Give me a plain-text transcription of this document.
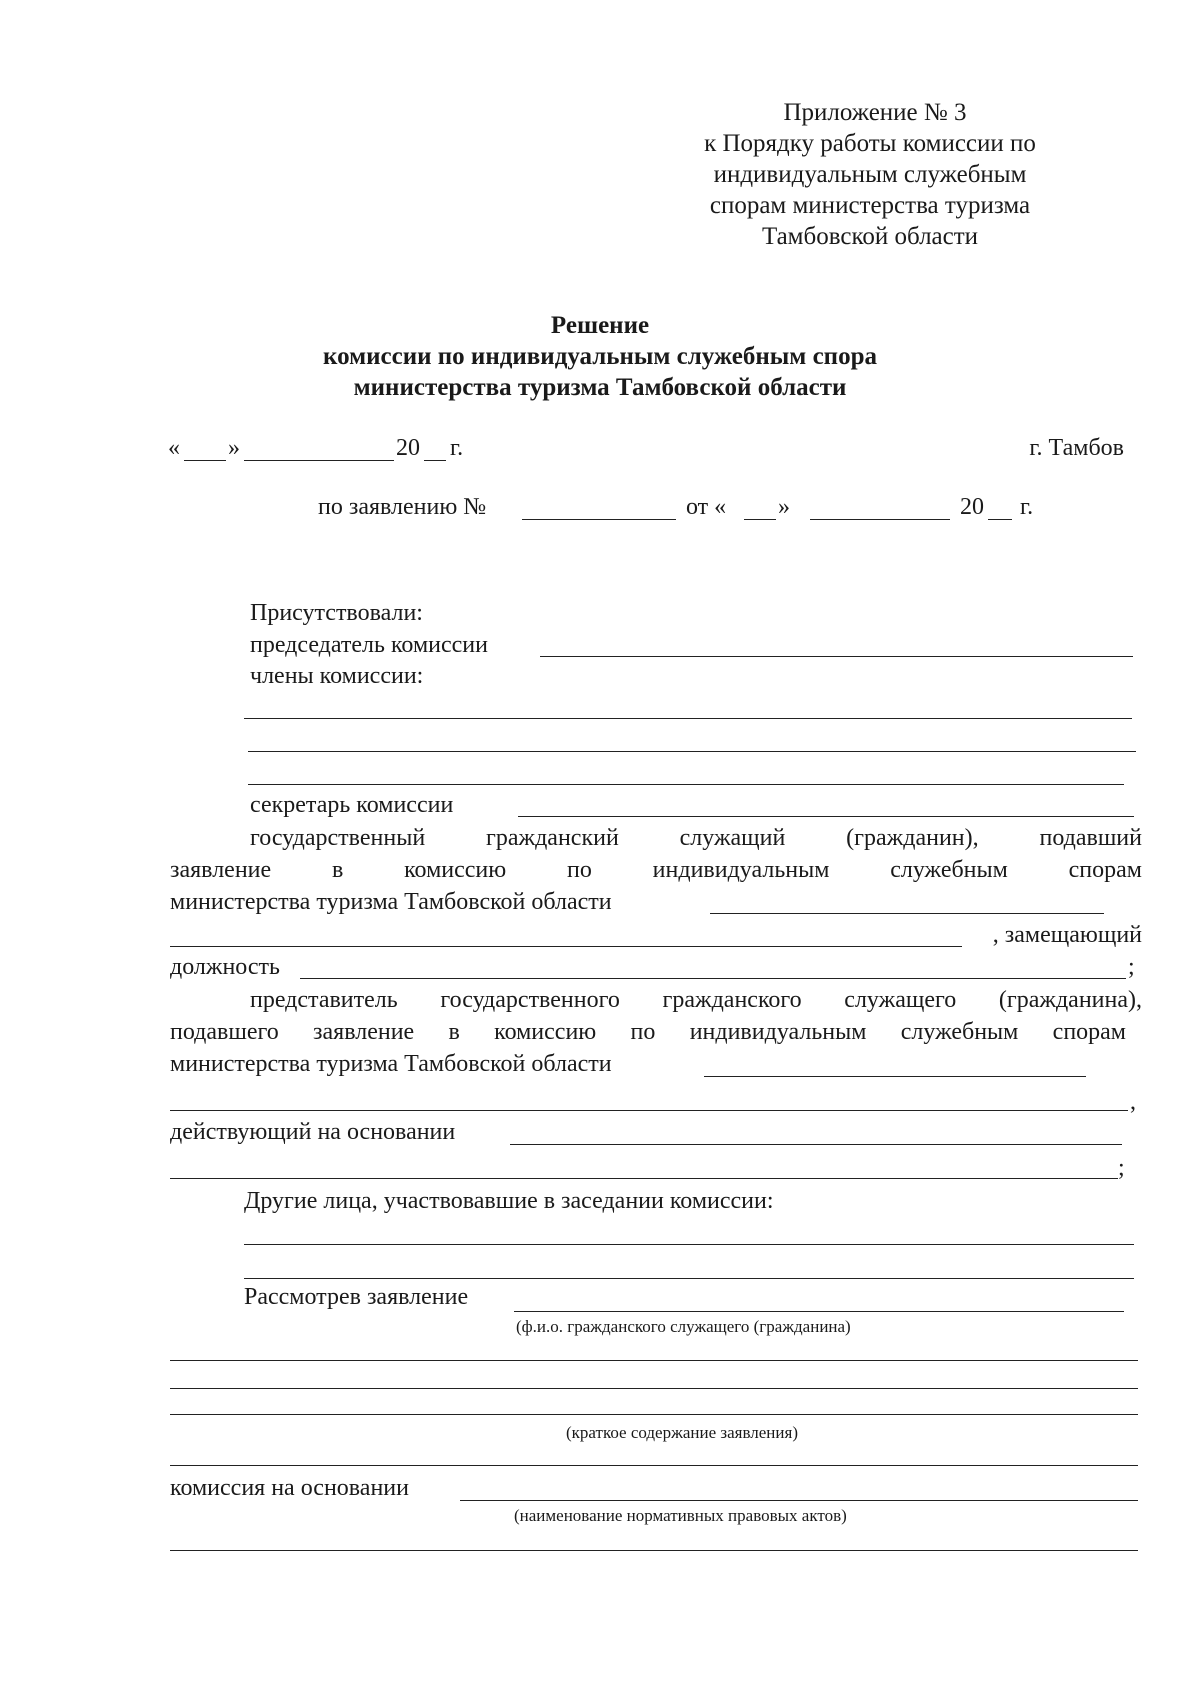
Приложение № 3
к Порядку работы комиссии по
индивидуальным служебным
спорам министерства туризма
Тамбовской области
Решение
комиссии по индивидуальным служебным спора
министерства туризма Тамбовской области
« »	20 г.	г. Тамбов
по заявлению №	от « »	20 г.
Присутствовали:
председатель комиссии
члены комиссии:
секретарь комиссии
государственный гражданский служащий (гражданин), подавший
заявление в комиссию по индивидуальным служебным спорам
министерства туризма Тамбовской области
, замещающий
должность	;
представитель государственного гражданского служащего (гражданина),
подавшего заявление в комиссию по индивидуальным служебным спорам
министерства туризма Тамбовской области
,
действующий на основании
;
Другие лица, участвовавшие в заседании комиссии:
Рассмотрев заявление
(ф.и.о. гражданского служащего (гражданина)
(краткое содержание заявления)
комиссия на основании
(наименование нормативных правовых актов)
